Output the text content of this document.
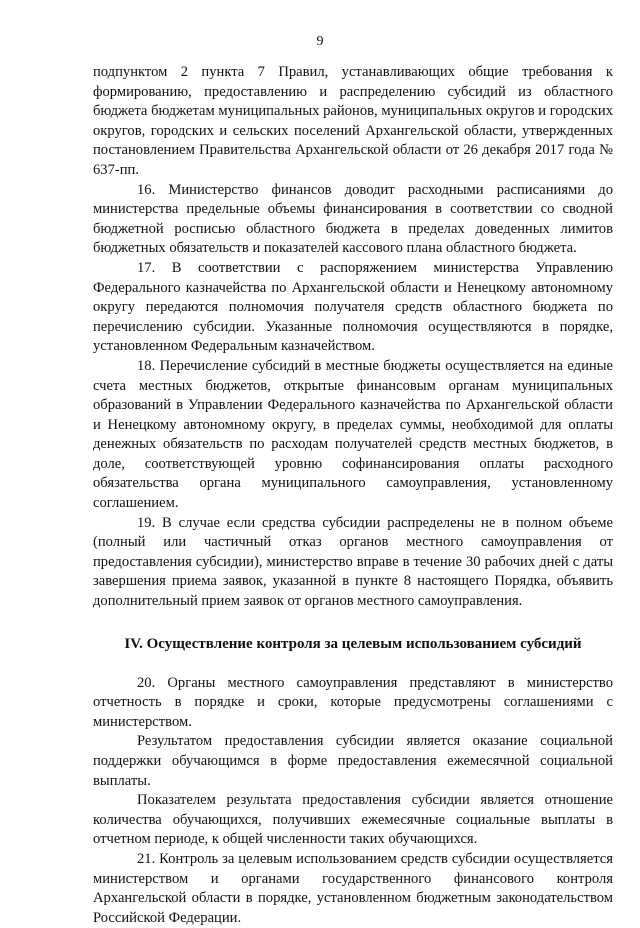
9

подпунктом 2 пункта 7 Правил, устанавливающих общие требования к формированию, предоставлению и распределению субсидий из областного бюджета бюджетам муниципальных районов, муниципальных округов и городских округов, городских и сельских поселений Архангельской области, утвержденных постановлением Правительства Архангельской области от 26 декабря 2017 года № 637-пп.

16. Министерство финансов доводит расходными расписаниями до министерства предельные объемы финансирования в соответствии со сводной бюджетной росписью областного бюджета в пределах доведенных лимитов бюджетных обязательств и показателей кассового плана областного бюджета.

17. В соответствии с распоряжением министерства Управлению Федерального казначейства по Архангельской области и Ненецкому автономному округу передаются полномочия получателя средств областного бюджета по перечислению субсидии. Указанные полномочия осуществляются в порядке, установленном Федеральным казначейством.

18. Перечисление субсидий в местные бюджеты осуществляется на единые счета местных бюджетов, открытые финансовым органам муниципальных образований в Управлении Федерального казначейства по Архангельской области и Ненецкому автономному округу, в пределах суммы, необходимой для оплаты денежных обязательств по расходам получателей средств местных бюджетов, в доле, соответствующей уровню софинансирования оплаты расходного обязательства органа муниципального самоуправления, установленному соглашением.

19. В случае если средства субсидии распределены не в полном объеме (полный или частичный отказ органов местного самоуправления от предоставления субсидии), министерство вправе в течение 30 рабочих дней с даты завершения приема заявок, указанной в пункте 8 настоящего Порядка, объявить дополнительный прием заявок от органов местного самоуправления.

IV. Осуществление контроля за целевым использованием субсидий

20. Органы местного самоуправления представляют в министерство отчетность в порядке и сроки, которые предусмотрены соглашениями с министерством.

Результатом предоставления субсидии является оказание социальной поддержки обучающимся в форме предоставления ежемесячной социальной выплаты.

Показателем результата предоставления субсидии является отношение количества обучающихся, получивших ежемесячные социальные выплаты в отчетном периоде, к общей численности таких обучающихся.

21. Контроль за целевым использованием средств субсидии осуществляется министерством и органами государственного финансового контроля Архангельской области в порядке, установленном бюджетным законодательством Российской Федерации.
